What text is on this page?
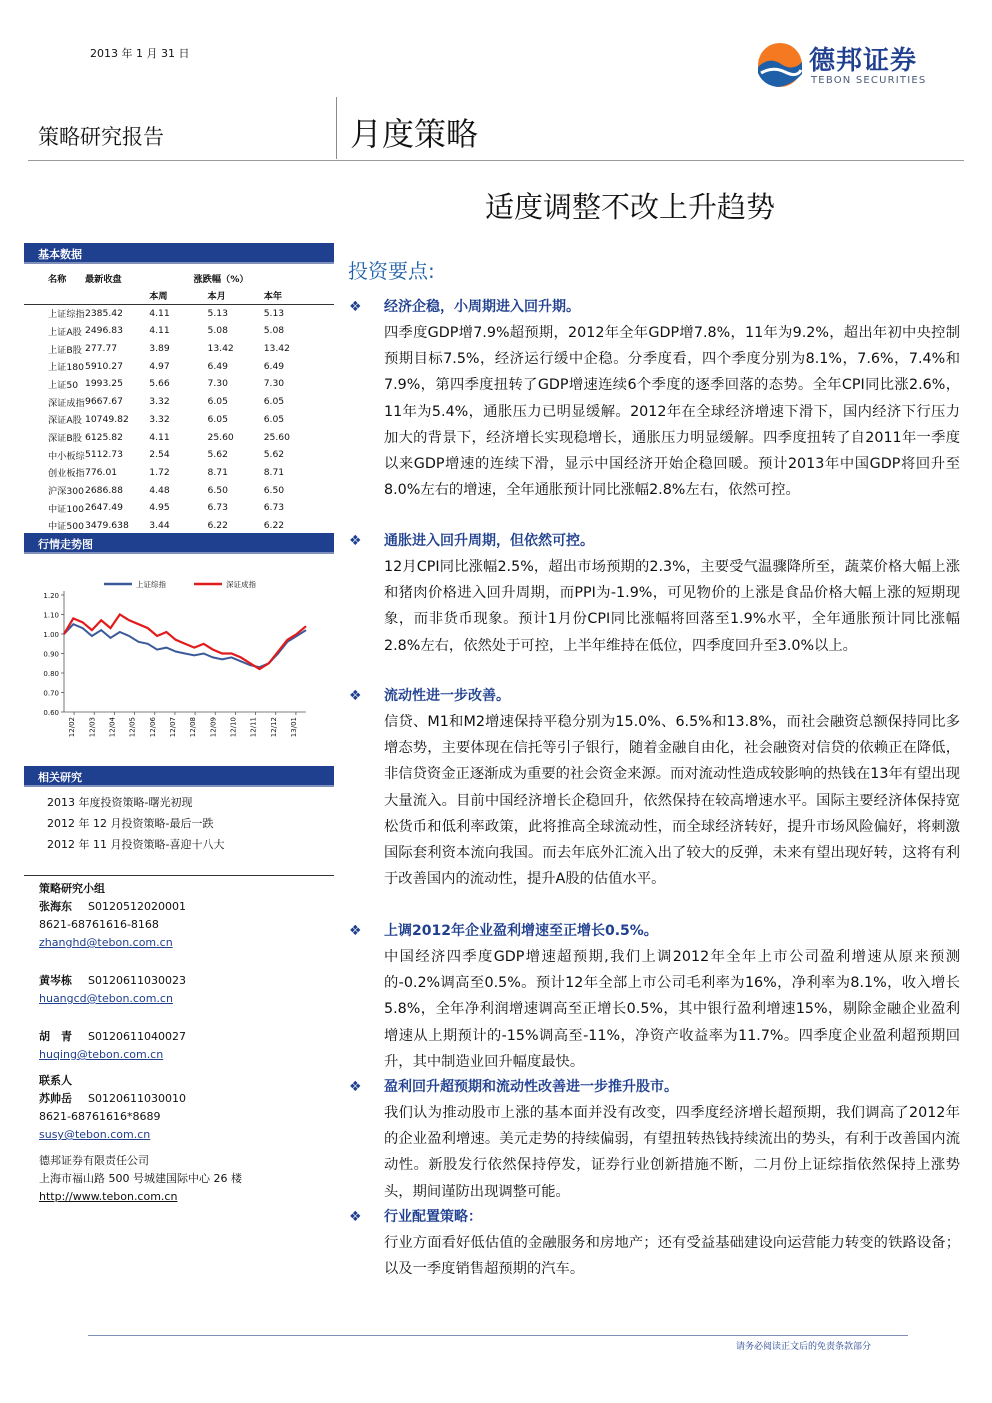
2013 年 1 月 31 日	德邦证券
TEBON SECURITIES
策略研究报告	月度策略
适度调整不改上升趋势
基本数据
名称	最新收盘		涨跌幅（%）	
		本周	本月	本年
上证综指	2385.42	4.11	5.13	5.13
上证A股	2496.83	4.11	5.08	5.08
上证B股	277.77	3.89	13.42	13.42
上证180	5910.27	4.97	6.49	6.49
上证50	1993.25	5.66	7.30	7.30
深证成指	9667.67	3.32	6.05	6.05
深证A股	10749.82	3.32	6.05	6.05
深证B股	6125.82	4.11	25.60	25.60
中小板综	5112.73	2.54	5.62	5.62
创业板指	776.01	1.72	8.71	8.71
沪深300	2686.88	4.48	6.50	6.50
中证100	2647.49	4.95	6.73	6.73
中证500	3479.638	3.44	6.22	6.22
行情走势图
1.20
1.10
1.00
0.90
0.80
0.70
0.60
12/02 12/03 12/04 12/05 12/06 12/07 12/08 12/09 12/10 12/11 12/12 13/01
上证综指	深证成指
相关研究
2013 年度投资策略-曙光初现
2012 年 12 月投资策略-最后一跌
2012 年 11 月投资策略-喜迎十八大
策略研究小组
张海东 S0120512020001
8621-68761616-8168
zhanghd@tebon.com.cn
黄岑栋 S0120611030023
huangcd@tebon.com.cn
胡　青 S0120611040027
huqing@tebon.com.cn
联系人
苏帅岳 S0120611030010
8621-68761616*8689
susy@tebon.com.cn
德邦证券有限责任公司
上海市福山路 500 号城建国际中心 26 楼
http://www.tebon.com.cn
投资要点:
❖ 经济企稳，小周期进入回升期。
四季度GDP增7.9%超预期，2012年全年GDP增7.8%，11年为9.2%，超出年初中央控制预期目标7.5%，经济运行缓中企稳。分季度看，四个季度分别为8.1%，7.6%，7.4%和7.9%，第四季度扭转了GDP增速连续6个季度的逐季回落的态势。全年CPI同比涨2.6%，11年为5.4%，通胀压力已明显缓解。2012年在全球经济增速下滑下，国内经济下行压力加大的背景下，经济增长实现稳增长，通胀压力明显缓解。四季度扭转了自2011年一季度以来GDP增速的连续下滑，显示中国经济开始企稳回暖。预计2013年中国GDP将回升至8.0%左右的增速，全年通胀预计同比涨幅2.8%左右，依然可控。
❖ 通胀进入回升周期，但依然可控。
12月CPI同比涨幅2.5%，超出市场预期的2.3%，主要受气温骤降所至，蔬菜价格大幅上涨和猪肉价格进入回升周期，而PPI为-1.9%，可见物价的上涨是食品价格大幅上涨的短期现象，而非货币现象。预计1月份CPI同比涨幅将回落至1.9%水平，全年通胀预计同比涨幅2.8%左右，依然处于可控，上半年维持在低位，四季度回升至3.0%以上。
❖ 流动性进一步改善。
信贷、M1和M2增速保持平稳分别为15.0%、6.5%和13.8%，而社会融资总额保持同比多增态势，主要体现在信托等引子银行，随着金融自由化，社会融资对信贷的依赖正在降低，非信贷资金正逐渐成为重要的社会资金来源。而对流动性造成较影响的热钱在13年有望出现大量流入。目前中国经济增长企稳回升，依然保持在较高增速水平。国际主要经济体保持宽松货币和低利率政策，此将推高全球流动性，而全球经济转好，提升市场风险偏好，将刺激国际套利资本流向我国。而去年底外汇流入出了较大的反弹，未来有望出现好转，这将有利于改善国内的流动性，提升A股的估值水平。
❖ 上调2012年企业盈利增速至正增长0.5%。
中国经济四季度GDP增速超预期,我们上调2012年全年上市公司盈利增速从原来预测的-0.2%调高至0.5%。预计12年全部上市公司毛利率为16%，净利率为8.1%，收入增长5.8%，全年净利润增速调高至正增长0.5%，其中银行盈利增速15%，剔除金融企业盈利增速从上期预计的-15%调高至-11%，净资产收益率为11.7%。四季度企业盈利超预期回升，其中制造业回升幅度最快。
❖ 盈利回升超预期和流动性改善进一步推升股市。
我们认为推动股市上涨的基本面并没有改变，四季度经济增长超预期，我们调高了2012年的企业盈利增速。美元走势的持续偏弱，有望扭转热钱持续流出的势头，有利于改善国内流动性。新股发行依然保持停发，证券行业创新措施不断，二月份上证综指依然保持上涨势头，期间谨防出现调整可能。
❖ 行业配置策略：
行业方面看好低估值的金融服务和房地产；还有受益基础建设向运营能力转变的铁路设备；以及一季度销售超预期的汽车。
请务必阅读正文后的免责条款部分
